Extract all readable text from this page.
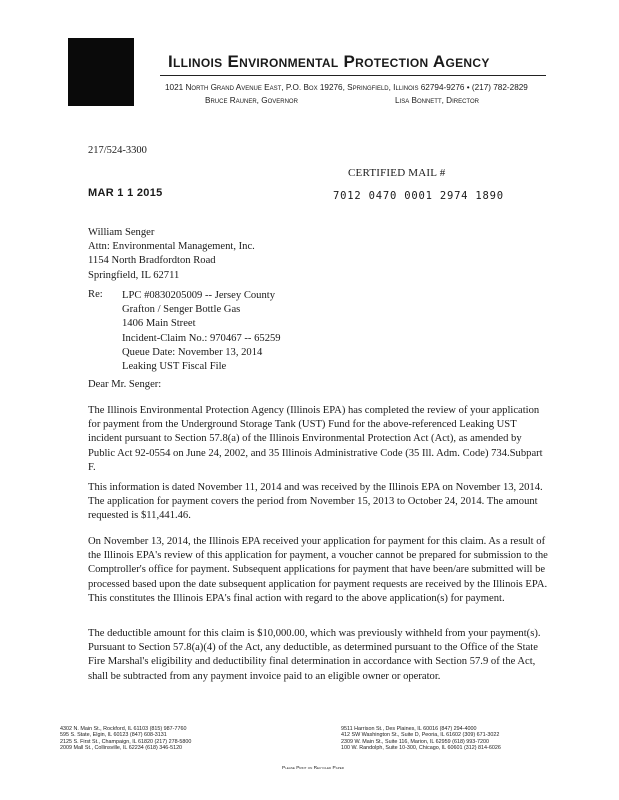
Illinois Environmental Protection Agency
1021 North Grand Avenue East, P.O. Box 19276, Springfield, Illinois 62794-9276 • (217) 782-2829
Bruce Rauner, Governor	Lisa Bonnett, Director
217/524-3300
CERTIFIED MAIL #
MAR 1 1 2015	7012 0470 0001 2974 1890
William Senger
Attn: Environmental Management, Inc.
1154 North Bradfordton Road
Springfield, IL 62711
Re: LPC #0830205009 -- Jersey County
Grafton / Senger Bottle Gas
1406 Main Street
Incident-Claim No.: 970467 -- 65259
Queue Date: November 13, 2014
Leaking UST Fiscal File
Dear Mr. Senger:
The Illinois Environmental Protection Agency (Illinois EPA) has completed the review of your application for payment from the Underground Storage Tank (UST) Fund for the above-referenced Leaking UST incident pursuant to Section 57.8(a) of the Illinois Environmental Protection Act (Act), as amended by Public Act 92-0554 on June 24, 2002, and 35 Illinois Administrative Code (35 Ill. Adm. Code) 734.Subpart F.
This information is dated November 11, 2014 and was received by the Illinois EPA on November 13, 2014. The application for payment covers the period from November 15, 2013 to October 24, 2014. The amount requested is $11,441.46.
On November 13, 2014, the Illinois EPA received your application for payment for this claim. As a result of the Illinois EPA's review of this application for payment, a voucher cannot be prepared for submission to the Comptroller's office for payment. Subsequent applications for payment that have been/are submitted will be processed based upon the date subsequent application for payment requests are received by the Illinois EPA. This constitutes the Illinois EPA's final action with regard to the above application(s) for payment.
The deductible amount for this claim is $10,000.00, which was previously withheld from your payment(s). Pursuant to Section 57.8(a)(4) of the Act, any deductible, as determined pursuant to the Office of the State Fire Marshal's eligibility and deductibility final determination in accordance with Section 57.9 of the Act, shall be subtracted from any payment invoice paid to an eligible owner or operator.
4302 N. Main St., Rockford, IL 61103 (815) 987-7760
595 S. State, Elgin, IL 60123 (847) 608-3131
2125 S. First St., Champaign, IL 61820 (217) 278-5800
2009 Mall St., Collinsville, IL 62234 (618) 346-5120
9511 Harrison St., Des Plaines, IL 60016 (847) 294-4000
412 SW Washington St., Suite D, Peoria, IL 61602 (309) 671-3022
2309 W. Main St., Suite 116, Marion, IL 62959 (618) 993-7200
100 W. Randolph, Suite 10-300, Chicago, IL 60601 (312) 814-6026
Please Print on Recycled Paper
